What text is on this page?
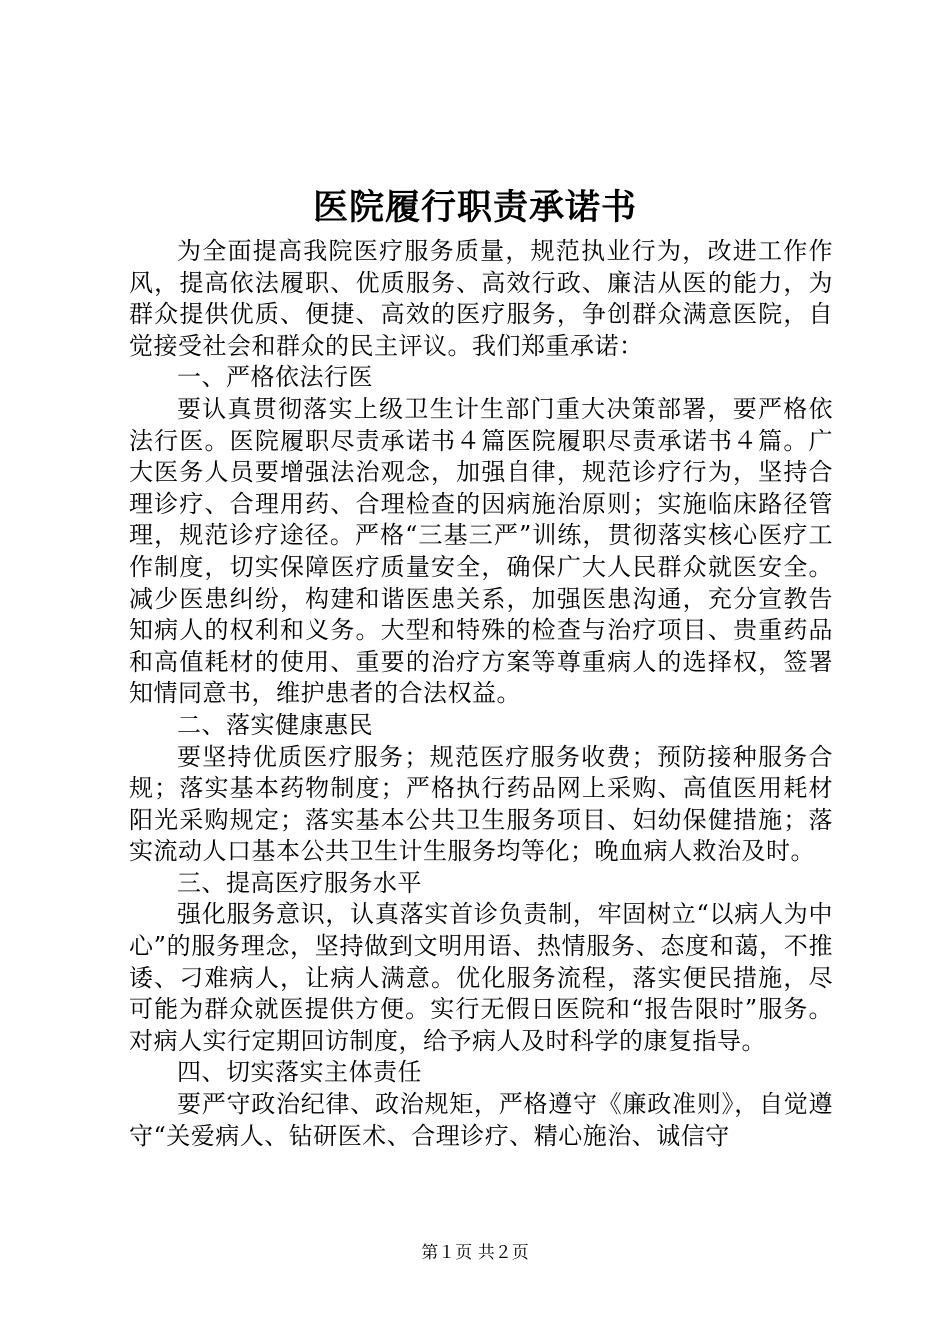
医院履行职责承诺书

为全面提高我院医疗服务质量，规范执业行为，改进工作作风，提高依法履职、优质服务、高效行政、廉洁从医的能力，为群众提供优质、便捷、高效的医疗服务，争创群众满意医院，自觉接受社会和群众的民主评议。我们郑重承诺：

一、严格依法行医

要认真贯彻落实上级卫生计生部门重大决策部署，要严格依法行医。医院履职尽责承诺书４篇医院履职尽责承诺书４篇。广大医务人员要增强法治观念，加强自律，规范诊疗行为，坚持合理诊疗、合理用药、合理检查的因病施治原则；实施临床路径管理，规范诊疗途径。严格“三基三严”训练，贯彻落实核心医疗工作制度，切实保障医疗质量安全，确保广大人民群众就医安全。减少医患纠纷，构建和谐医患关系，加强医患沟通，充分宣教告知病人的权利和义务。大型和特殊的检查与治疗项目、贵重药品和高值耗材的使用、重要的治疗方案等尊重病人的选择权，签署知情同意书，维护患者的合法权益。

二、落实健康惠民

要坚持优质医疗服务；规范医疗服务收费；预防接种服务合规；落实基本药物制度；严格执行药品网上采购、高值医用耗材阳光采购规定；落实基本公共卫生服务项目、妇幼保健措施；落实流动人口基本公共卫生计生服务均等化；晚血病人救治及时。

三、提高医疗服务水平

强化服务意识，认真落实首诊负责制，牢固树立“以病人为中心”的服务理念，坚持做到文明用语、热情服务、态度和蔼，不推诿、刁难病人，让病人满意。优化服务流程，落实便民措施，尽可能为群众就医提供方便。实行无假日医院和“报告限时”服务。对病人实行定期回访制度，给予病人及时科学的康复指导。

四、切实落实主体责任

要严守政治纪律、政治规矩，严格遵守《廉政准则》，自觉遵守“关爱病人、钻研医术、合理诊疗、精心施治、诚信守

第１页 共２页
